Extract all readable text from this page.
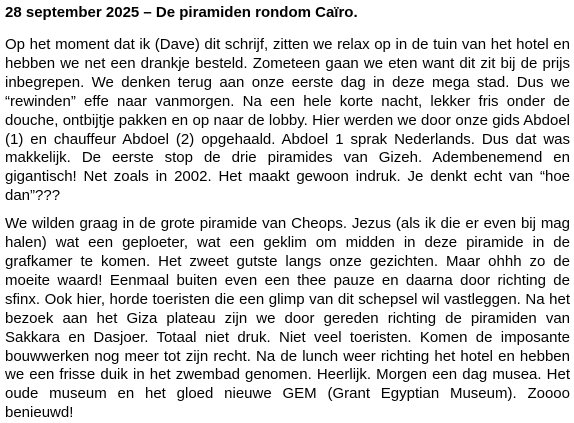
28 september 2025 – De piramiden rondom Caïro.

Op het moment dat ik (Dave) dit schrijf, zitten we relax op in de tuin van het hotel en hebben we net een drankje besteld. Zometeen gaan we eten want dit zit bij de prijs inbegrepen. We denken terug aan onze eerste dag in deze mega stad. Dus we “rewinden” effe naar vanmorgen. Na een hele korte nacht, lekker fris onder de douche, ontbijtje pakken en op naar de lobby. Hier werden we door onze gids Abdoel (1) en chauffeur Abdoel (2) opgehaald. Abdoel 1 sprak Nederlands. Dus dat was makkelijk. De eerste stop de drie piramides van Gizeh. Adembenemend en gigantisch! Net zoals in 2002. Het maakt gewoon indruk. Je denkt echt van “hoe dan”???

We wilden graag in de grote piramide van Cheops. Jezus (als ik die er even bij mag halen) wat een geploeter, wat een geklim om midden in deze piramide in de grafkamer te komen. Het zweet gutste langs onze gezichten. Maar ohhh zo de moeite waard! Eenmaal buiten even een thee pauze en daarna door richting de sfinx. Ook hier, horde toeristen die een glimp van dit schepsel wil vastleggen. Na het bezoek aan het Giza plateau zijn we door gereden richting de piramiden van Sakkara en Dasjoer. Totaal niet druk. Niet veel toeristen. Komen de imposante bouwwerken nog meer tot zijn recht. Na de lunch weer richting het hotel en hebben we een frisse duik in het zwembad genomen. Heerlijk. Morgen een dag musea. Het oude museum en het gloed nieuwe GEM (Grant Egyptian Museum). Zoooo benieuwd!
